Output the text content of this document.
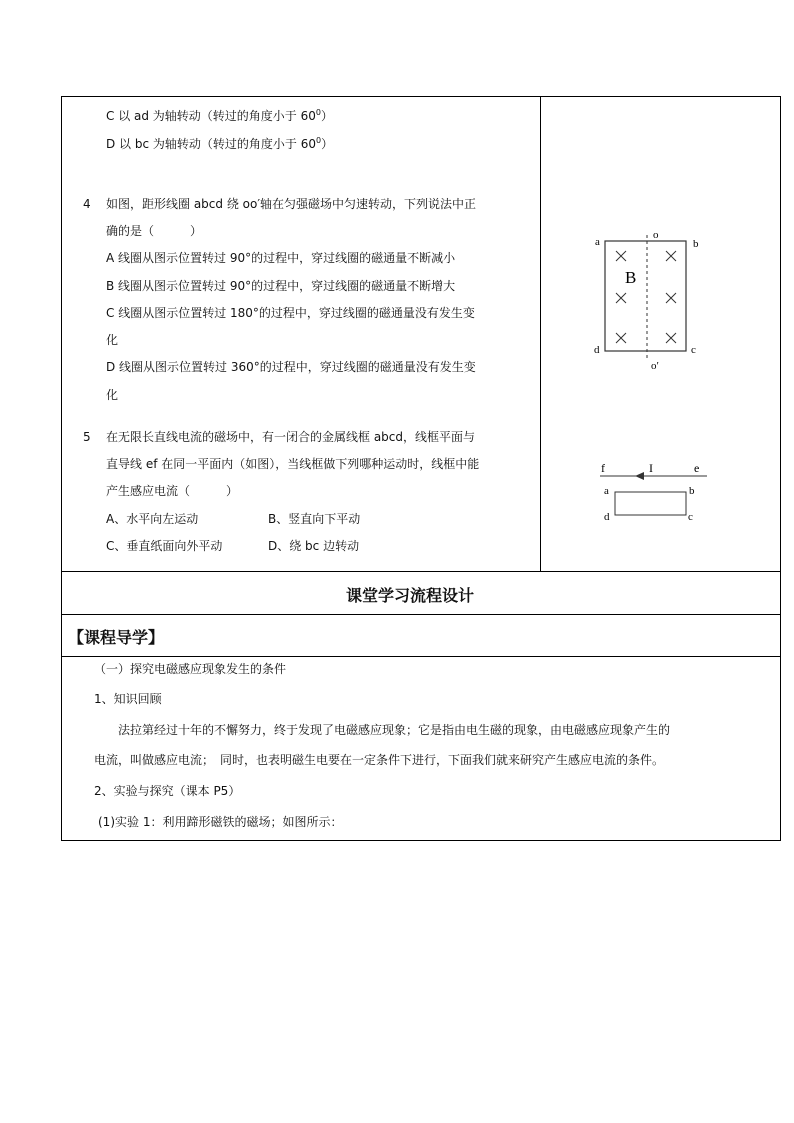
C 以 ad 为轴转动（转过的角度小于 $60^0$）
D 以 bc 为轴转动（转过的角度小于 $60^0$）
4 如图，距形线圈 abcd 绕 oo′轴在匀强磁场中匀速转动，下列说法中正
确的是（　　　）
A 线圈从图示位置转过 90°的过程中，穿过线圈的磁通量不断减小
B 线圈从图示位置转过 90°的过程中，穿过线圈的磁通量不断增大
C 线圈从图示位置转过 180°的过程中，穿过线圈的磁通量没有发生变
化
D 线圈从图示位置转过 360°的过程中，穿过线圈的磁通量没有发生变
化
5 在无限长直线电流的磁场中，有一闭合的金属线框 abcd，线框平面与
直导线 ef 在同一平面内（如图），当线框做下列哪种运动时，线框中能
产生感应电流（　　　）
A、水平向左运动	B、竖直向下平动
C、垂直纸面向外平动	D、绕 bc 边转动
a	b
c
d
o
o′
B
f	e
I
a	b
c
d
课堂学习流程设计
【课程导学】
（一）探究电磁感应现象发生的条件
1、知识回顾
法拉第经过十年的不懈努力，终于发现了电磁感应现象；它是指由电生磁的现象，由电磁感应现象产生的
电流，叫做感应电流；　同时，也表明磁生电要在一定条件下进行，下面我们就来研究产生感应电流的条件。
2、实验与探究（课本 P5）
(1)实验 1：利用蹄形磁铁的磁场；如图所示：
